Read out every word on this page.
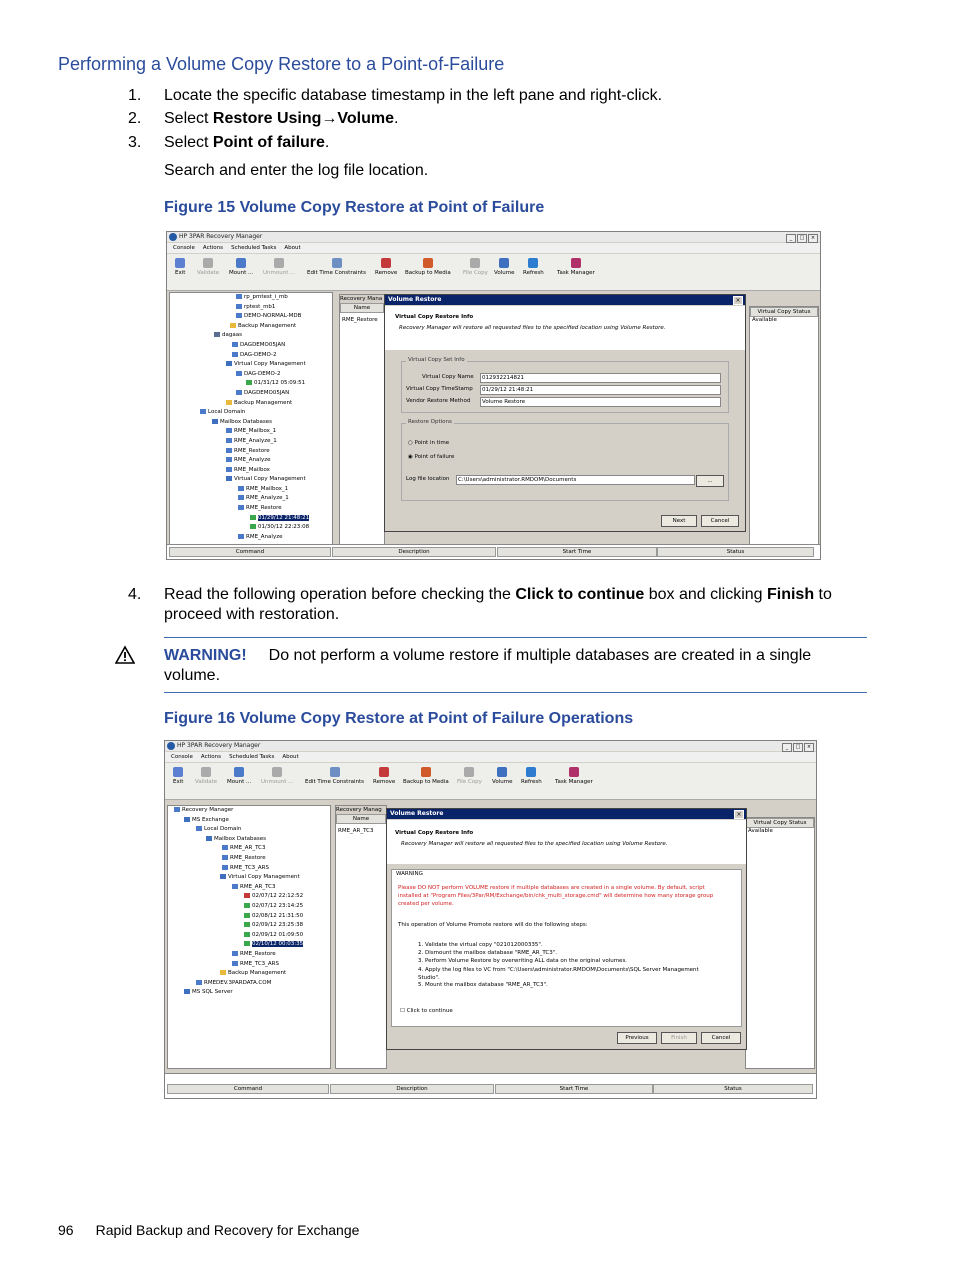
Performing a Volume Copy Restore to a Point-of-Failure
1.	Locate the specific database timestamp in the left pane and right-click.
2.	Select Restore Using→Volume.
3.	Select Point of failure.
Search and enter the log file location.
Figure 15 Volume Copy Restore at Point of Failure
HP 3PAR Recovery Manager	_ □ ×
Console Actions Scheduled Tasks About
Exit Validate Mount ... Unmount ... Edit Time Constraints Remove Backup to Media File Copy Volume Refresh Task Manager
rp_pmtest_i_mb
rptest_mb1
DEMO-NORMAL-MDB
Backup Management
dagaas
DAGDEMO05JAN
DAG-DEMO-2
Virtual Copy Management
DAG-DEMO-2
01/31/12 05:09:51
DAGDEMO05JAN
Backup Management
Local Domain
Mailbox Databases
RME_Mailbox_1
RME_Analyze_1
RME_Restore
RME_Analyze
RME_Mailbox
Virtual Copy Management
RME_Mailbox_1
RME_Analyze_1
RME_Restore
01/29/12 21:48:21
01/30/12 22:23:08
RME_Analyze
Recovery Mana
Name
RME_Restore
Virtual Copy Status
Available
Command	Description	Start Time	Status
Volume Restore	×
Virtual Copy Restore Info
Recovery Manager will restore all requested files to the specified location using Volume Restore.
Virtual Copy Set Info
Virtual Copy Name	012932214821
Virtual Copy TimeStamp	01/29/12 21:48:21
Vendor Restore Method	Volume Restore
Restore Options
○ Point in time
◉ Point of failure
Log file location	C:\Users\administrator.RMDOM\Documents	...
Next	Cancel
4.	Read the following operation before checking the Click to continue box and clicking Finish to proceed with restoration.
WARNING! Do not perform a volume restore if multiple databases are created in a single volume.
Figure 16 Volume Copy Restore at Point of Failure Operations
HP 3PAR Recovery Manager	_ □ ×
Console Actions Scheduled Tasks About
Exit Validate Mount ... Unmount ... Edit Time Constraints Remove Backup to Media File Copy Volume Refresh Task Manager
Recovery Manager
MS Exchange
Local Domain
Mailbox Databases
RME_AR_TC3
RME_Restore
RME_TC3_ARS
Virtual Copy Management
RME_AR_TC3
02/07/12 22:12:52
02/07/12 23:14:25
02/08/12 21:31:50
02/09/12 23:25:38
02/09/12 01:09:50
02/10/12 00:03:35
RME_Restore
RME_TC3_ARS
Backup Management
RMEDEV.3PARDATA.COM
MS SQL Server
Recovery Manag
Name
RME_AR_TC3
Virtual Copy Status
Available
Command	Description	Start Time	Status
Volume Restore	×
Virtual Copy Restore Info
Recovery Manager will restore all requested files to the specified location using Volume Restore.
WARNING
Please DO NOT perform VOLUME restore if multiple databases are created in a single volume. By default, script installed at "Program Files/3Par/RM/Exchange/bin/chk_multi_storage.cmd" will determine how many storage group created per volume.
This operation of Volume Promote restore will do the following steps:
1. Validate the virtual copy "021012000335".
2. Dismount the mailbox database "RME_AR_TC3".
3. Perform Volume Restore by overwriting ALL data on the original volumes.
4. Apply the log files to VC from "C:\Users\administrator.RMDOM\Documents\SQL Server Management Studio".
5. Mount the mailbox database "RME_AR_TC3".
☐ Click to continue
Previous	Finish	Cancel
96 Rapid Backup and Recovery for Exchange
